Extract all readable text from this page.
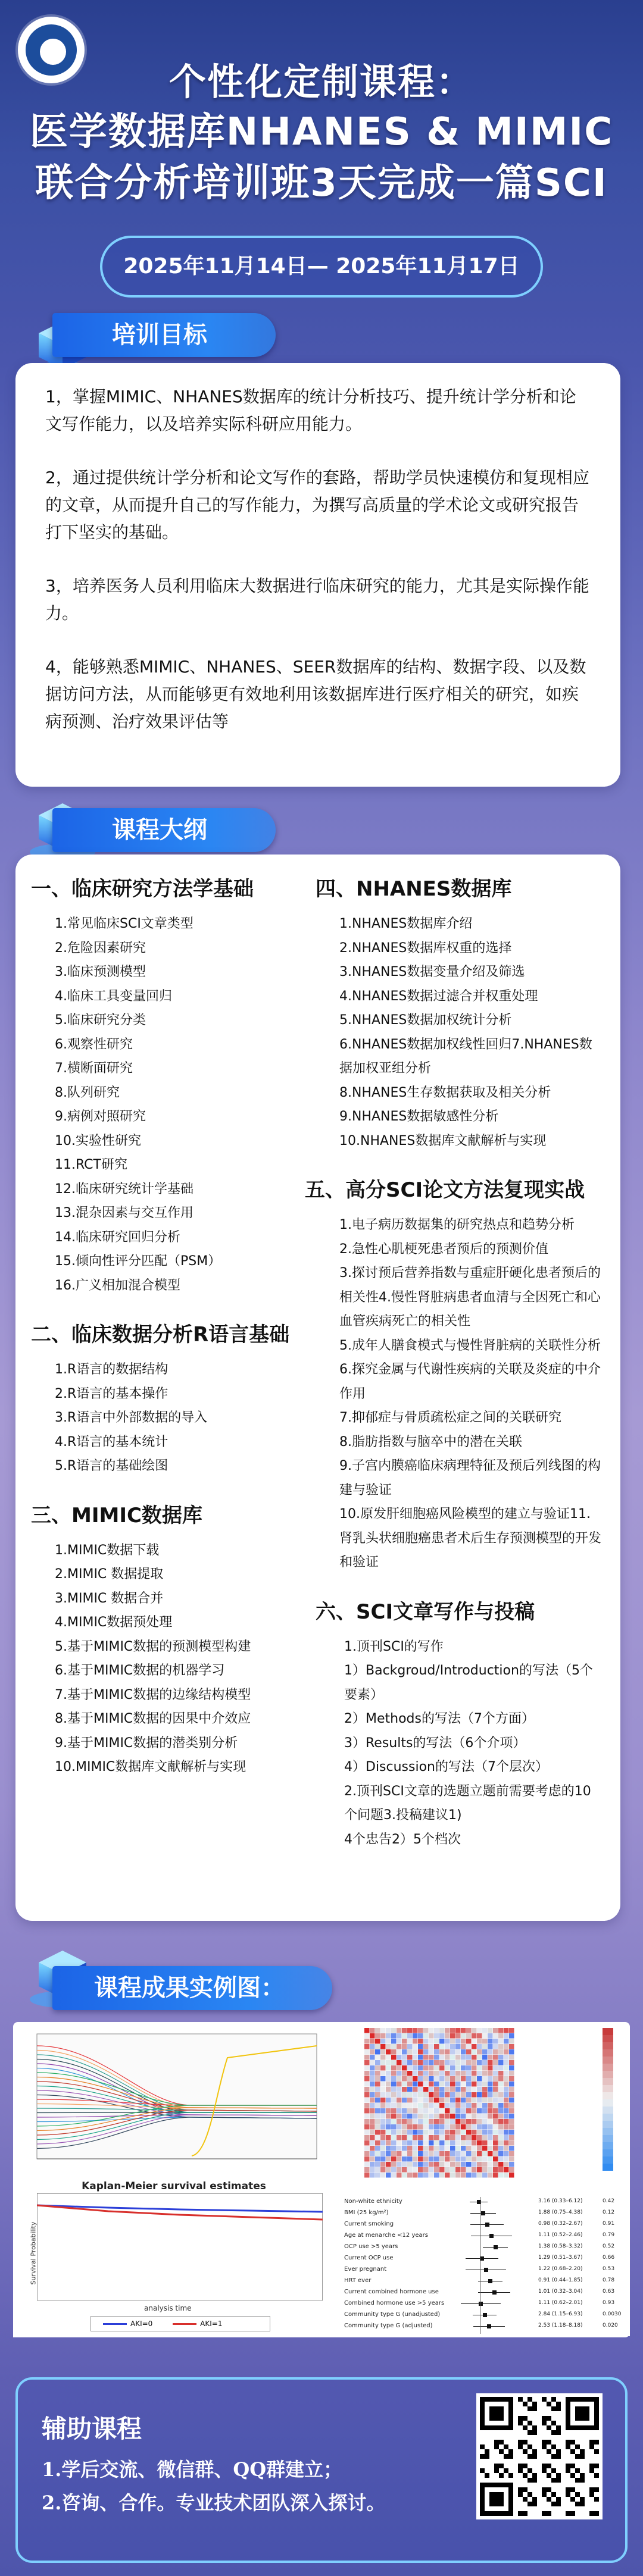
个性化定制课程：
医学数据库NHANES & MIMIC
联合分析培训班3天完成一篇SCI
2025年11月14日— 2025年11月17日
培训目标

1，掌握MIMIC、NHANES数据库的统计分析技巧、提升统计学分析和论文写作能力，以及培养实际科研应用能力。

2，通过提供统计学分析和论文写作的套路，帮助学员快速模仿和复现相应的文章，从而提升自己的写作能力，为撰写高质量的学术论文或研究报告打下坚实的基础。

3，培养医务人员利用临床大数据进行临床研究的能力，尤其是实际操作能力。

4，能够熟悉MIMIC、NHANES、SEER数据库的结构、数据字段、以及数据访问方法，从而能够更有效地利用该数据库进行医疗相关的研究，如疾病预测、治疗效果评估等

课程大纲
一、临床研究方法学基础
1.常见临床SCI文章类型
2.危险因素研究
3.临床预测模型
4.临床工具变量回归
5.临床研究分类
6.观察性研究
7.横断面研究
8.队列研究
9.病例对照研究
10.实验性研究
11.RCT研究
12.临床研究统计学基础
13.混杂因素与交互作用
14.临床研究回归分析
15.倾向性评分匹配（PSM）
16.广义相加混合模型
二、临床数据分析R语言基础
1.R语言的数据结构
2.R语言的基本操作
3.R语言中外部数据的导入
4.R语言的基本统计
5.R语言的基础绘图
三、MIMIC数据库
1.MIMIC数据下载
2.MIMIC 数据提取
3.MIMIC 数据合并
4.MIMIC数据预处理
5.基于MIMIC数据的预测模型构建
6.基于MIMIC数据的机器学习
7.基于MIMIC数据的边缘结构模型
8.基于MIMIC数据的因果中介效应
9.基于MIMIC数据的潜类别分析
10.MIMIC数据库文献解析与实现
四、NHANES数据库
1.NHANES数据库介绍
2.NHANES数据库权重的选择
3.NHANES数据变量介绍及筛选
4.NHANES数据过滤合并权重处理
5.NHANES数据加权统计分析
6.NHANES数据加权线性回归7.NHANES数据加权亚组分析
8.NHANES生存数据获取及相关分析
9.NHANES数据敏感性分析
10.NHANES数据库文献解析与实现
五、高分SCI论文方法复现实战
1.电子病历数据集的研究热点和趋势分析
2.急性心肌梗死患者预后的预测价值
3.探讨预后营养指数与重症肝硬化患者预后的相关性4.慢性肾脏病患者血清与全因死亡和心血管疾病死亡的相关性
5.成年人膳食模式与慢性肾脏病的关联性分析
6.探究金属与代谢性疾病的关联及炎症的中介作用
7.抑郁症与骨质疏松症之间的关联研究
8.脂肪指数与脑卒中的潜在关联
9.子宫内膜癌临床病理特征及预后列线图的构建与验证
10.原发肝细胞癌风险模型的建立与验证11.肾乳头状细胞癌患者术后生存预测模型的开发和验证
六、SCI文章写作与投稿
1.顶刊SCI的写作
1）Backgroud/Introduction的写法（5个要素）
2）Methods的写法（7个方面）
3）Results的写法（6个介项）
4）Discussion的写法（7个层次）
2.顶刊SCI文章的选题立题前需要考虑的10个问题3.投稿建议1)
4个忠告2）5个档次
课程成果实例图：
Kaplan-Meier survival estimates
Survival Probability
analysis time
AKI=0	AKI=1
Non-white ethnicity	3.16 (0.33–6.12)	0.42
BMI (25 kg/m²)	1.88 (0.75–4.38)	0.12
Current smoking	0.98 (0.32–2.67)	0.91
Age at menarche <12 years	1.11 (0.52–2.46)	0.79
OCP use >5 years	1.38 (0.58–3.32)	0.52
Current OCP use	1.29 (0.51–3.67)	0.66
Ever pregnant	1.22 (0.68–2.20)	0.53
HRT ever	0.91 (0.44–1.85)	0.78
Current combined hormone use	1.01 (0.32–3.04)	0.63
Combined hormone use >5 years	1.11 (0.62–2.01)	0.93
Community type G (unadjusted)	2.84 (1.15–6.93)	0.0030
Community type G (adjusted)	2.53 (1.18–8.18)	0.020
辅助课程
1.学后交流、微信群、QQ群建立；
2.咨询、合作。专业技术团队深入探讨。
